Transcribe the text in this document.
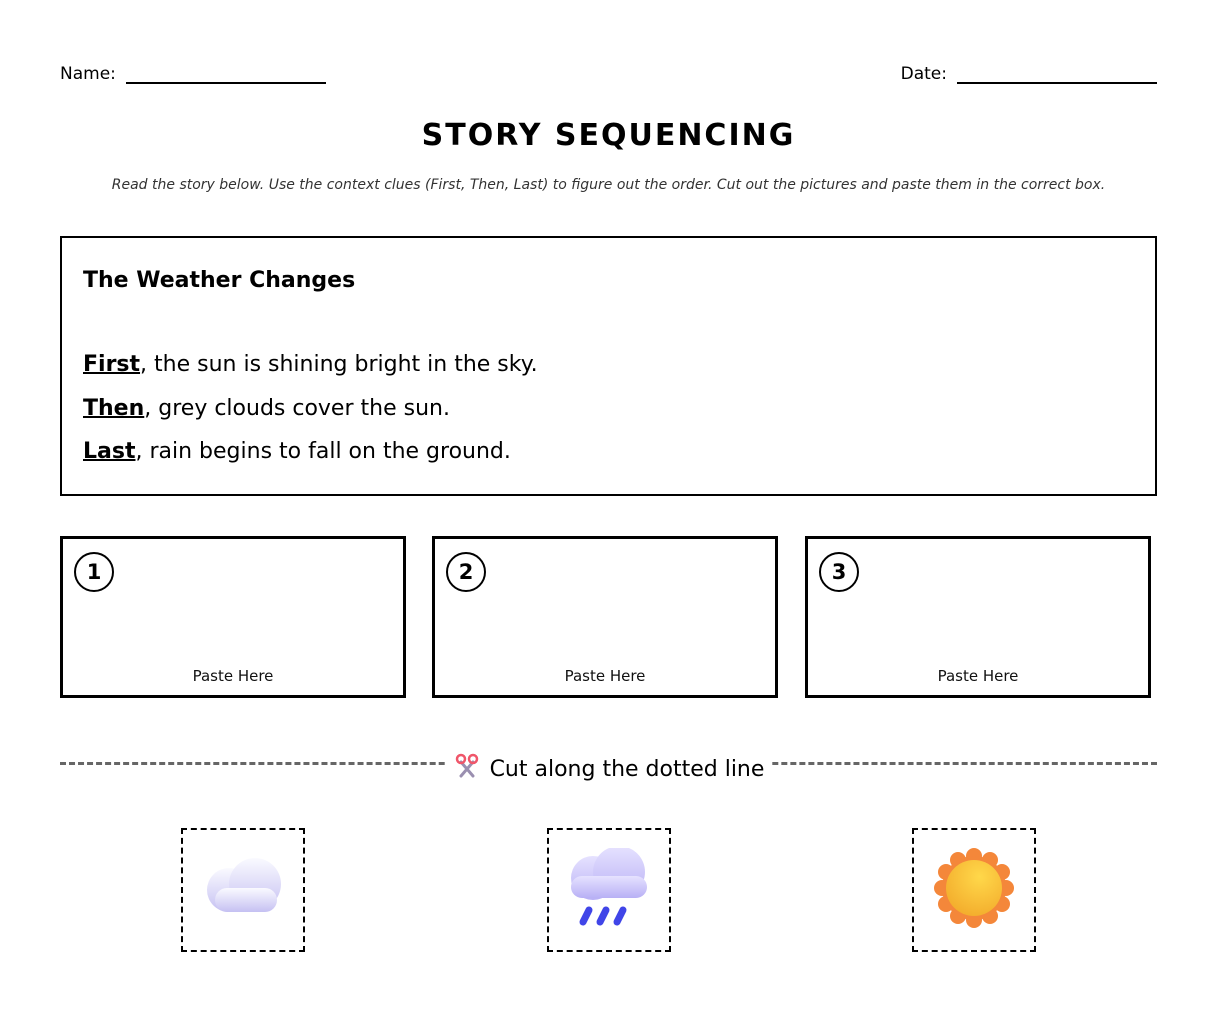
Name:	Date:
STORY SEQUENCING
Read the story below. Use the context clues (First, Then, Last) to figure out the order. Cut out the pictures and paste them in the correct box.
The Weather Changes
First, the sun is shining bright in the sky.
Then, grey clouds cover the sun.
Last, rain begins to fall on the ground.
1
Paste Here
2
Paste Here
3
Paste Here
Cut along the dotted line
